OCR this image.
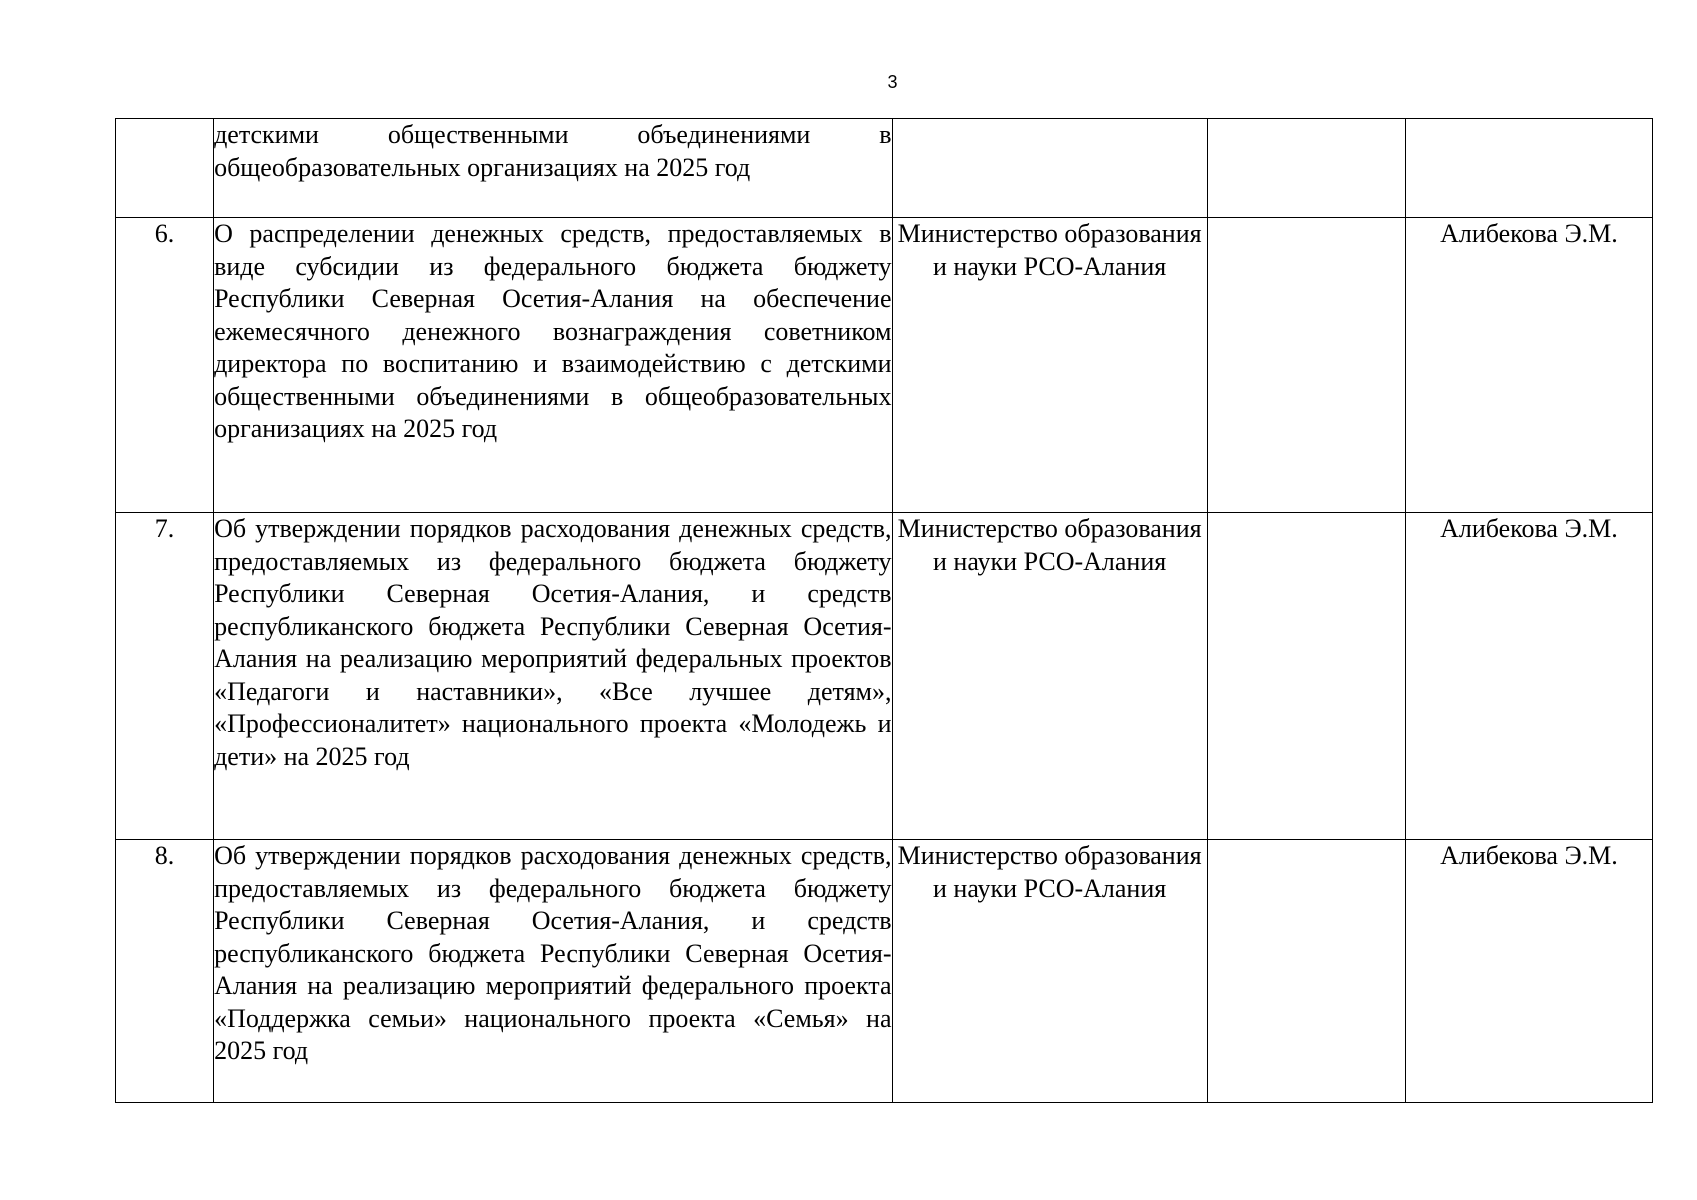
3
	детскими общественными объединениями в общеобразовательных организациях на 2025 год			
6.	О распределении денежных средств, предоставляемых в виде субсидии из федерального бюджета бюджету Республики Северная Осетия-Алания на обеспечение ежемесячного денежного вознаграждения советником директора по воспитанию и взаимодействию с детскими общественными объединениями в общеобразовательных организациях на 2025 год	Министерство образования и науки РСО-Алания		Алибекова Э.М.
7.	Об утверждении порядков расходования денежных средств, предоставляемых из федерального бюджета бюджету Республики Северная Осетия-Алания, и средств республиканского бюджета Республики Северная Осетия-Алания на реализацию мероприятий федеральных проектов «Педагоги и наставники», «Все лучшее детям», «Профессионалитет» национального проекта «Молодежь и дети» на 2025 год	Министерство образования и науки РСО-Алания		Алибекова Э.М.
8.	Об утверждении порядков расходования денежных средств, предоставляемых из федерального бюджета бюджету Республики Северная Осетия-Алания, и средств республиканского бюджета Республики Северная Осетия-Алания на реализацию мероприятий федерального проекта «Поддержка семьи» национального проекта «Семья» на 2025 год	Министерство образования и науки РСО-Алания		Алибекова Э.М.
